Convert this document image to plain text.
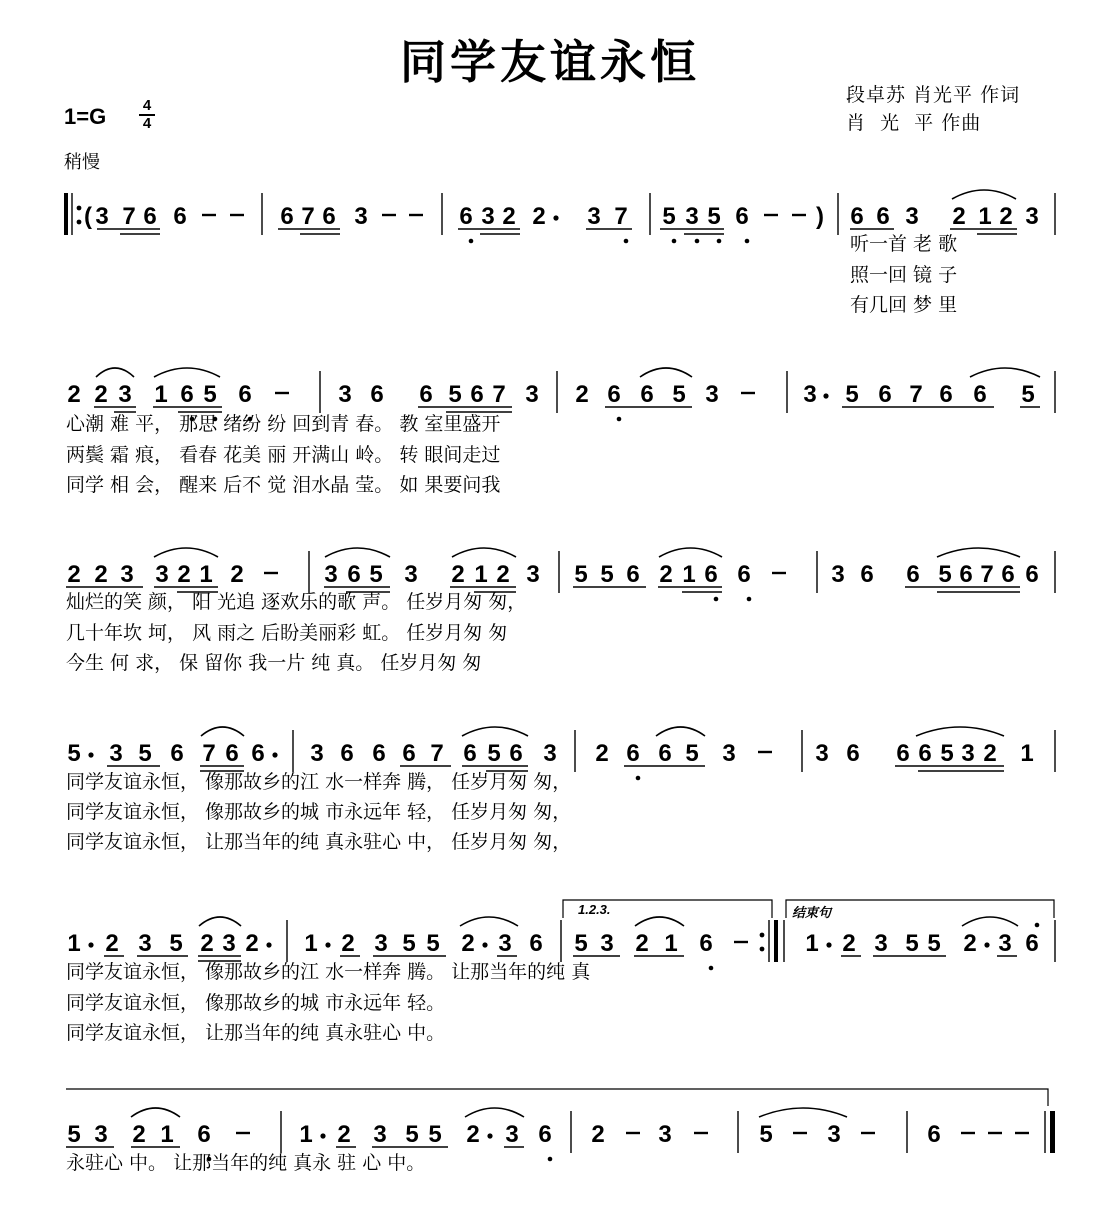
同学友谊永恒
段卓苏 肖光平 作词
肖  光  平 作曲
1=G 4
4
稍慢
1.2.3.	结束句
( 3 7 6 6	6 7 6 3	6 3 2 2 3 7 5 3 5 6	) 6 6 3 2 1 2 3
2 2 3 1 6 5 6	3 6 6 5 6 7 3 2 6 6 5 3	3 5 6 7 6 6 5
2 2 3 3 2 1 2	3 6 5 3 2 1 2 3 5 5 6 2 1 6 6	3 6 6 5 6 7 6 6
5 3 5 6 7 6 6 3 6 6 6 7 6 5 6 3 2 6 6 5 3	3 6 6 6 5 3 2 1
1 2 3 5 2 3 2 1 2 3 5 5 2 3 6 5 3 2 1 6	1 2 3 5 5 2 3 6
5 3 2 1 6	1 2 3 5 5 2 3 6 2 3	5 3	6
听一首 老 歌
照一回 镜 子
有几回 梦 里
心潮 难 平， 那思 绪纷 纷 回到青 春。 教 室里盛开
两鬓 霜 痕， 看春 花美 丽 开满山 岭。 转 眼间走过
同学 相 会， 醒来 后不 觉 泪水晶 莹。 如 果要问我
灿烂的笑 颜， 阳 光追 逐欢乐的歌 声。 任岁月匆 匆，
几十年坎 坷， 风 雨之 后盼美丽彩 虹。 任岁月匆 匆
今生 何 求， 保 留你 我一片 纯 真。 任岁月匆 匆
同学友谊永恒， 像那故乡的江 水一样奔 腾， 任岁月匆 匆，
同学友谊永恒， 像那故乡的城 市永远年 轻， 任岁月匆 匆，
同学友谊永恒， 让那当年的纯 真永驻心 中， 任岁月匆 匆，
同学友谊永恒， 像那故乡的江 水一样奔 腾。 让那当年的纯 真
同学友谊永恒， 像那故乡的城 市永远年 轻。
同学友谊永恒， 让那当年的纯 真永驻心 中。
永驻心 中。 让那当年的纯 真永 驻 心 中。
